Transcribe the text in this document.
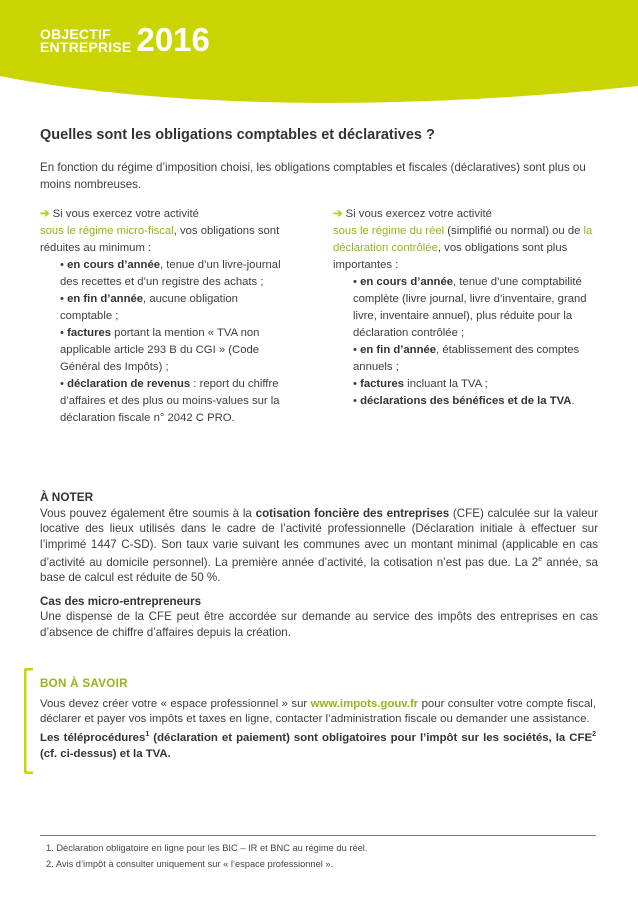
OBJECTIF
ENTREPRISE 2016
Quelles sont les obligations comptables et déclaratives ?

En fonction du régime d’imposition choisi, les obligations comptables et fiscales (déclaratives) sont plus ou moins nombreuses.

➔ Si vous exercez votre activité
sous le régime micro-fiscal, vos obligations sont réduites au minimum :
• en cours d’année, tenue d’un livre-journal des recettes et d’un registre des achats ;
• en fin d’année, aucune obligation comptable ;
• factures portant la mention « TVA non applicable article 293 B du CGI » (Code Général des Impôts) ;
• déclaration de revenus : report du chiffre d’affaires et des plus ou moins-values sur la déclaration fiscale n° 2042 C PRO.
➔ Si vous exercez votre activité
sous le régime du réel (simplifié ou normal) ou de la déclaration contrôlée, vos obligations sont plus importantes :
• en cours d’année, tenue d’une comptabilité complète (livre journal, livre d’inventaire, grand livre, inventaire annuel), plus réduite pour la déclaration contrôlée ;
• en fin d’année, établissement des comptes annuels ;
• factures incluant la TVA ;
• déclarations des bénéfices et de la TVA.
À NOTER

Vous pouvez également être soumis à la cotisation foncière des entreprises (CFE) calculée sur la valeur locative des lieux utilisés dans le cadre de l’activité professionnelle (Déclaration initiale à effectuer sur l’imprimé 1447 C-SD). Son taux varie suivant les communes avec un montant minimal (applicable en cas d’activité au domicile personnel). La première année d’activité, la cotisation n’est pas due. La 2e année, sa base de calcul est réduite de 50 %.

Cas des micro-entrepreneurs

Une dispense de la CFE peut être accordée sur demande au service des impôts des entreprises en cas d’absence de chiffre d’affaires depuis la création.

BON À SAVOIR

Vous devez créer votre « espace professionnel » sur www.impots.gouv.fr pour consulter votre compte fiscal, déclarer et payer vos impôts et taxes en ligne, contacter l’administration fiscale ou demander une assistance.

Les téléprocédures$^1$ (déclaration et paiement) sont obligatoires pour l’impôt sur les sociétés, la CFE$^2$ (cf. ci-dessus) et la TVA.

1. Déclaration obligatoire en ligne pour les BIC – IR et BNC au régime du réel.
2. Avis d’impôt à consulter uniquement sur « l’espace professionnel ».
